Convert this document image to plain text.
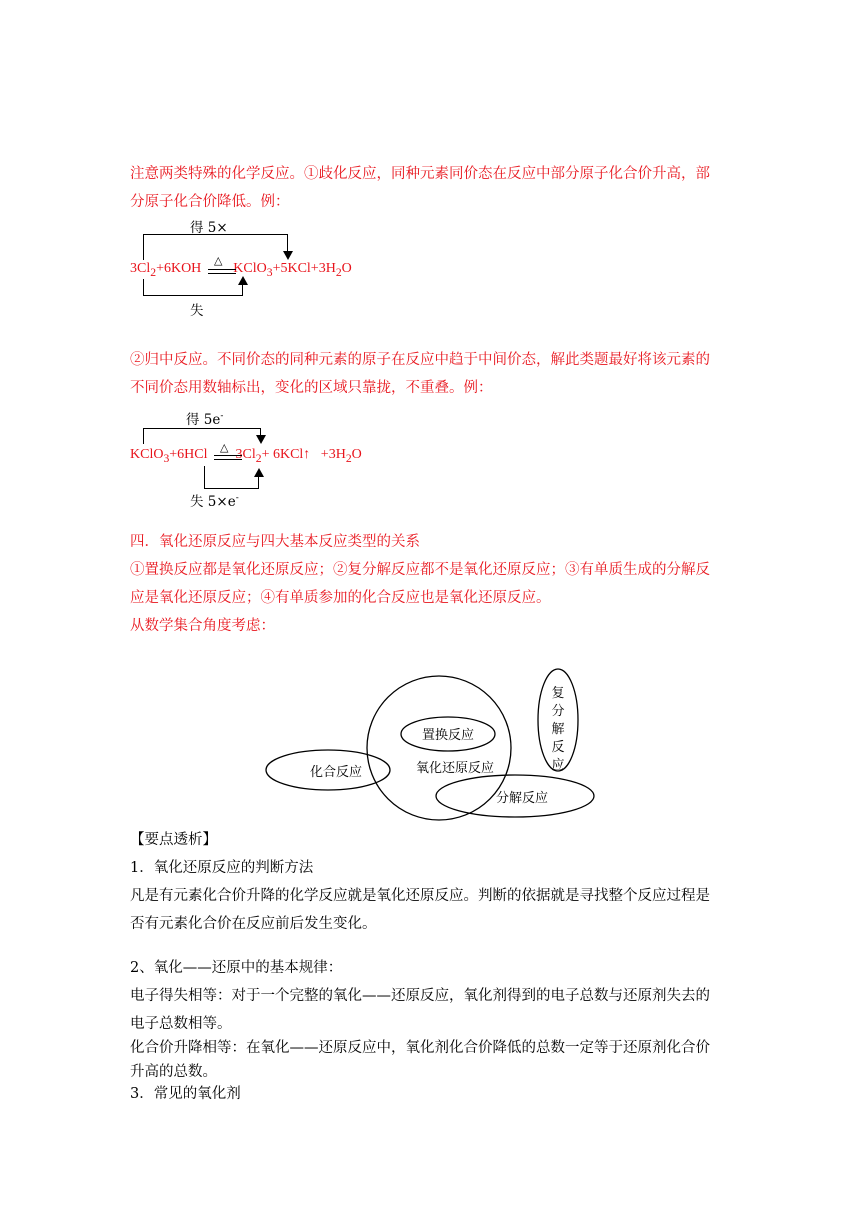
注意两类特殊的化学反应。①歧化反应，同种元素同价态在反应中部分原子化合价升高，部
分原子化合价降低。例：
得 5×
$3Cl_2+6KOH$ $KClO_3+5KCl+3H_2O$
△
失
②归中反应。不同价态的同种元素的原子在反应中趋于中间价态，解此类题最好将该元素的
不同价态用数轴标出，变化的区域只靠拢，不重叠。例：
得 5e-
KClO$_3$+6HCl $3Cl_2+$ 6KCl↑   $+3H_2O$
△
失 5×e-
四．氧化还原反应与四大基本反应类型的关系
①置换反应都是氧化还原反应；②复分解反应都不是氧化还原反应；③有单质生成的分解反
应是氧化还原反应；④有单质参加的化合反应也是氧化还原反应。
从数学集合角度考虑：
置换反应
氧化还原反应
化合反应
分解反应
复
分
解
反
应
【要点透析】
1．氧化还原反应的判断方法
凡是有元素化合价升降的化学反应就是氧化还原反应。判断的依据就是寻找整个反应过程是
否有元素化合价在反应前后发生变化。
2、氧化——还原中的基本规律：
电子得失相等：对于一个完整的氧化——还原反应，氧化剂得到的电子总数与还原剂失去的
电子总数相等。
化合价升降相等：在氧化——还原反应中，氧化剂化合价降低的总数一定等于还原剂化合价
升高的总数。
3．常见的氧化剂
